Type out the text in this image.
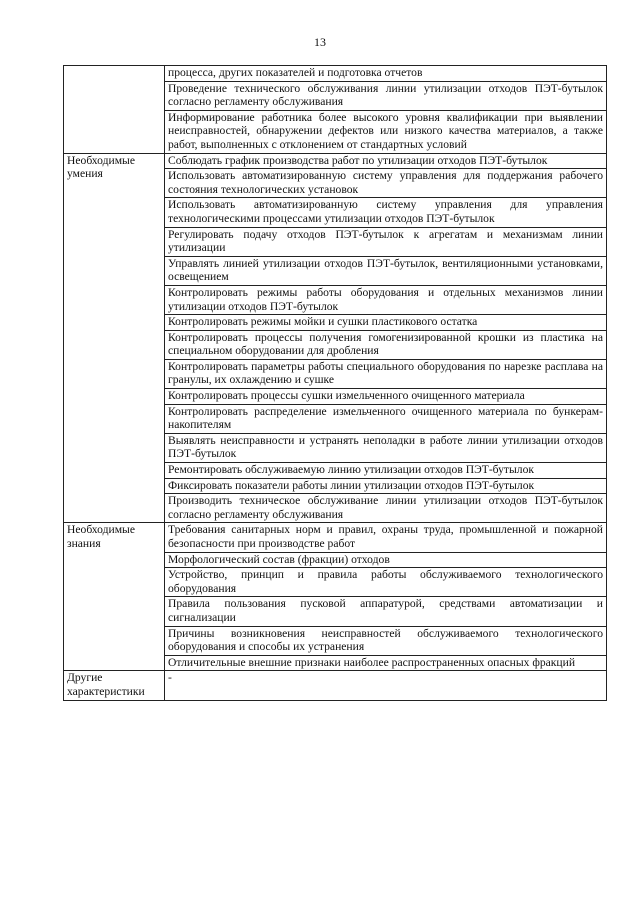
13
	процесса, других показателей и подготовка отчетов
	Проведение технического обслуживания линии утилизации отходов ПЭТ-бутылок согласно регламенту обслуживания
	Информирование работника более высокого уровня квалификации при выявлении неисправностей, обнаружении дефектов или низкого качества материалов, а также работ, выполненных с отклонением от стандартных условий
Необходимые умения	Соблюдать график производства работ по утилизации отходов ПЭТ-бутылок
	Использовать автоматизированную систему управления для поддержания рабочего состояния технологических установок
	Использовать автоматизированную систему управления для управления технологическими процессами утилизации отходов ПЭТ-бутылок
	Регулировать подачу отходов ПЭТ-бутылок к агрегатам и механизмам линии утилизации
	Управлять линией утилизации отходов ПЭТ-бутылок, вентиляционными установками, освещением
	Контролировать режимы работы оборудования и отдельных механизмов линии утилизации отходов ПЭТ-бутылок
	Контролировать режимы мойки и сушки пластикового остатка
	Контролировать процессы получения гомогенизированной крошки из пластика на специальном оборудовании для дробления
	Контролировать параметры работы специального оборудования по нарезке расплава на гранулы, их охлаждению и сушке
	Контролировать процессы сушки измельченного очищенного материала
	Контролировать распределение измельченного очищенного материала по бункерам-накопителям
	Выявлять неисправности и устранять неполадки в работе линии утилизации отходов ПЭТ-бутылок
	Ремонтировать обслуживаемую линию утилизации отходов ПЭТ-бутылок
	Фиксировать показатели работы линии утилизации отходов ПЭТ-бутылок
	Производить техническое обслуживание линии утилизации отходов ПЭТ-бутылок согласно регламенту обслуживания
Необходимые знания	Требования санитарных норм и правил, охраны труда, промышленной и пожарной безопасности при производстве работ
	Морфологический состав (фракции) отходов
	Устройство, принцип и правила работы обслуживаемого технологического оборудования
	Правила пользования пусковой аппаратурой, средствами автоматизации и сигнализации
	Причины возникновения неисправностей обслуживаемого технологического оборудования и способы их устранения
	Отличительные внешние признаки наиболее распространенных опасных фракций
Другие характеристики	-
